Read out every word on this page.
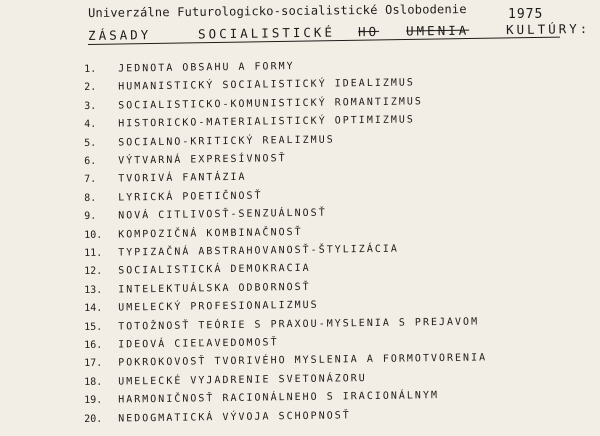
Univerzálne Futurologicko-socialistické Oslobodenie	1975
ZÁSADY	SOCIALISTICKÉ HO UMENIA	KULTÚRY:
1. JEDNOTA OBSAHU A FORMY
2. HUMANISTICKÝ SOCIALISTICKÝ IDEALIZMUS
3. SOCIALISTICKO-KOMUNISTICKÝ ROMANTIZMUS
4. HISTORICKO-MATERIALISTICKÝ OPTIMIZMUS
5. SOCIALNO-KRITICKÝ REALIZMUS
6. VÝTVARNÁ EXPRESÍVNOSŤ
7. TVORIVÁ FANTÁZIA
8. LYRICKÁ POETIČNOSŤ
9. NOVÁ CITLIVOSŤ-SENZUÁLNOSŤ
10. KOMPOZIČNÁ KOMBINAČNOSŤ
11. TYPIZAČNÁ ABSTRAHOVANOSŤ-ŠTYLIZÁCIA
12. SOCIALISTICKÁ DEMOKRACIA
13. INTELEKTUÁLSKA ODBORNOSŤ
14. UMELECKÝ PROFESIONALIZMUS
15. TOTOŽNOSŤ TEÓRIE S PRAXOU-MYSLENIA S PREJAVOM
16. IDEOVÁ CIEĽAVEDOMOSŤ
17. POKROKOVOSŤ TVORIVÉHO MYSLENIA A FORMOTVORENIA
18. UMELECKÉ VYJADRENIE SVETONÁZORU
19. HARMONIČNOSŤ RACIONÁLNEHO S IRACIONÁLNYM
20. NEDOGMATICKÁ VÝVOJA SCHOPNOSŤ
